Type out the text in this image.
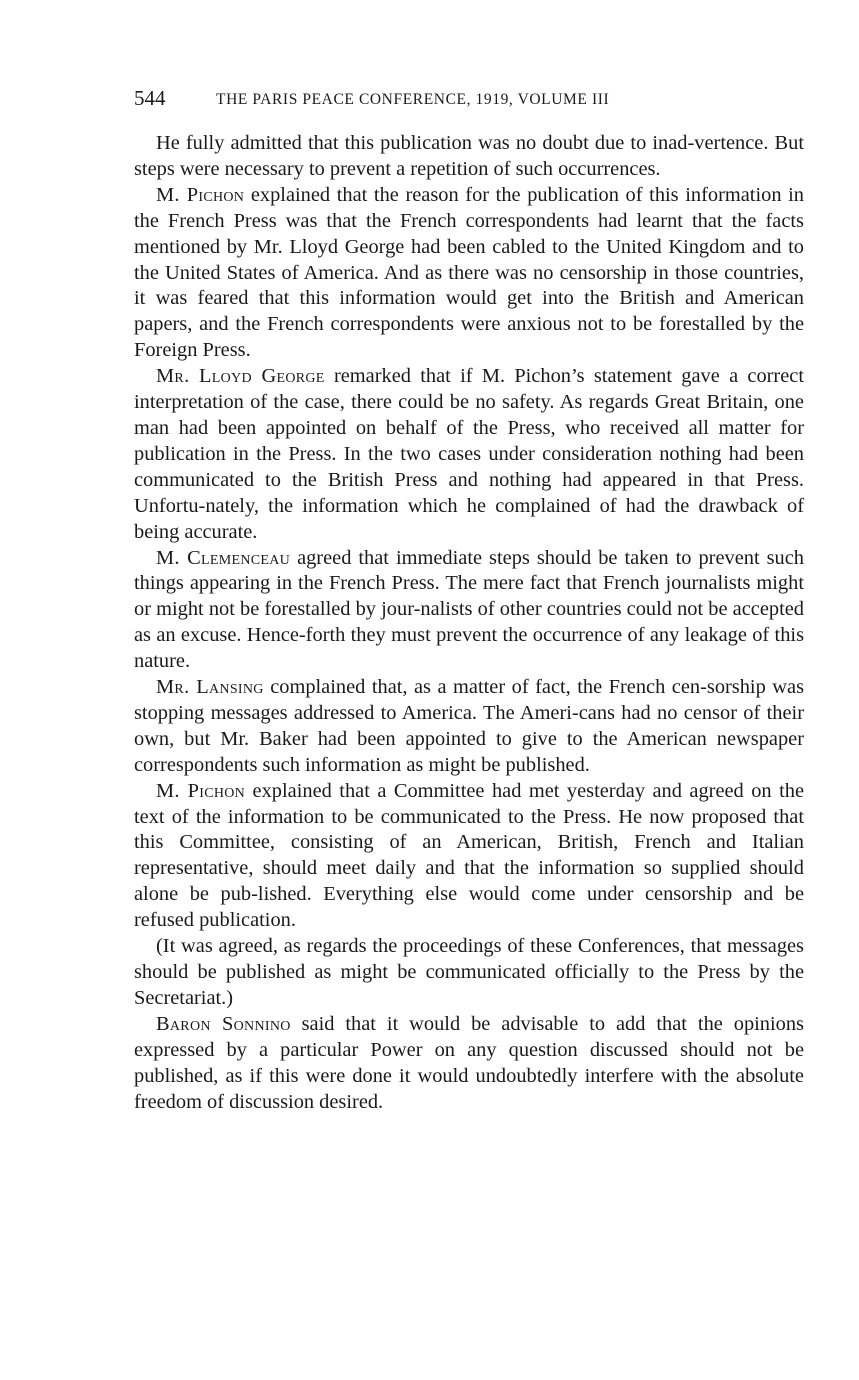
544	THE PARIS PEACE CONFERENCE, 1919, VOLUME III

He fully admitted that this publication was no doubt due to inad-vertence. But steps were necessary to prevent a repetition of such occurrences.

M. Pichon explained that the reason for the publication of this information in the French Press was that the French correspondents had learnt that the facts mentioned by Mr. Lloyd George had been cabled to the United Kingdom and to the United States of America. And as there was no censorship in those countries, it was feared that this information would get into the British and American papers, and the French correspondents were anxious not to be forestalled by the Foreign Press.

Mr. Lloyd George remarked that if M. Pichon’s statement gave a correct interpretation of the case, there could be no safety. As regards Great Britain, one man had been appointed on behalf of the Press, who received all matter for publication in the Press. In the two cases under consideration nothing had been communicated to the British Press and nothing had appeared in that Press. Unfortu-nately, the information which he complained of had the drawback of being accurate.

M. Clemenceau agreed that immediate steps should be taken to prevent such things appearing in the French Press. The mere fact that French journalists might or might not be forestalled by jour-nalists of other countries could not be accepted as an excuse. Hence-forth they must prevent the occurrence of any leakage of this nature.

Mr. Lansing complained that, as a matter of fact, the French cen-sorship was stopping messages addressed to America. The Ameri-cans had no censor of their own, but Mr. Baker had been appointed to give to the American newspaper correspondents such information as might be published.

M. Pichon explained that a Committee had met yesterday and agreed on the text of the information to be communicated to the Press. He now proposed that this Committee, consisting of an American, British, French and Italian representative, should meet daily and that the information so supplied should alone be pub-lished. Everything else would come under censorship and be refused publication.

(It was agreed, as regards the proceedings of these Conferences, that messages should be published as might be communicated officially to the Press by the Secretariat.)

Baron Sonnino said that it would be advisable to add that the opinions expressed by a particular Power on any question discussed should not be published, as if this were done it would undoubtedly interfere with the absolute freedom of discussion desired.
